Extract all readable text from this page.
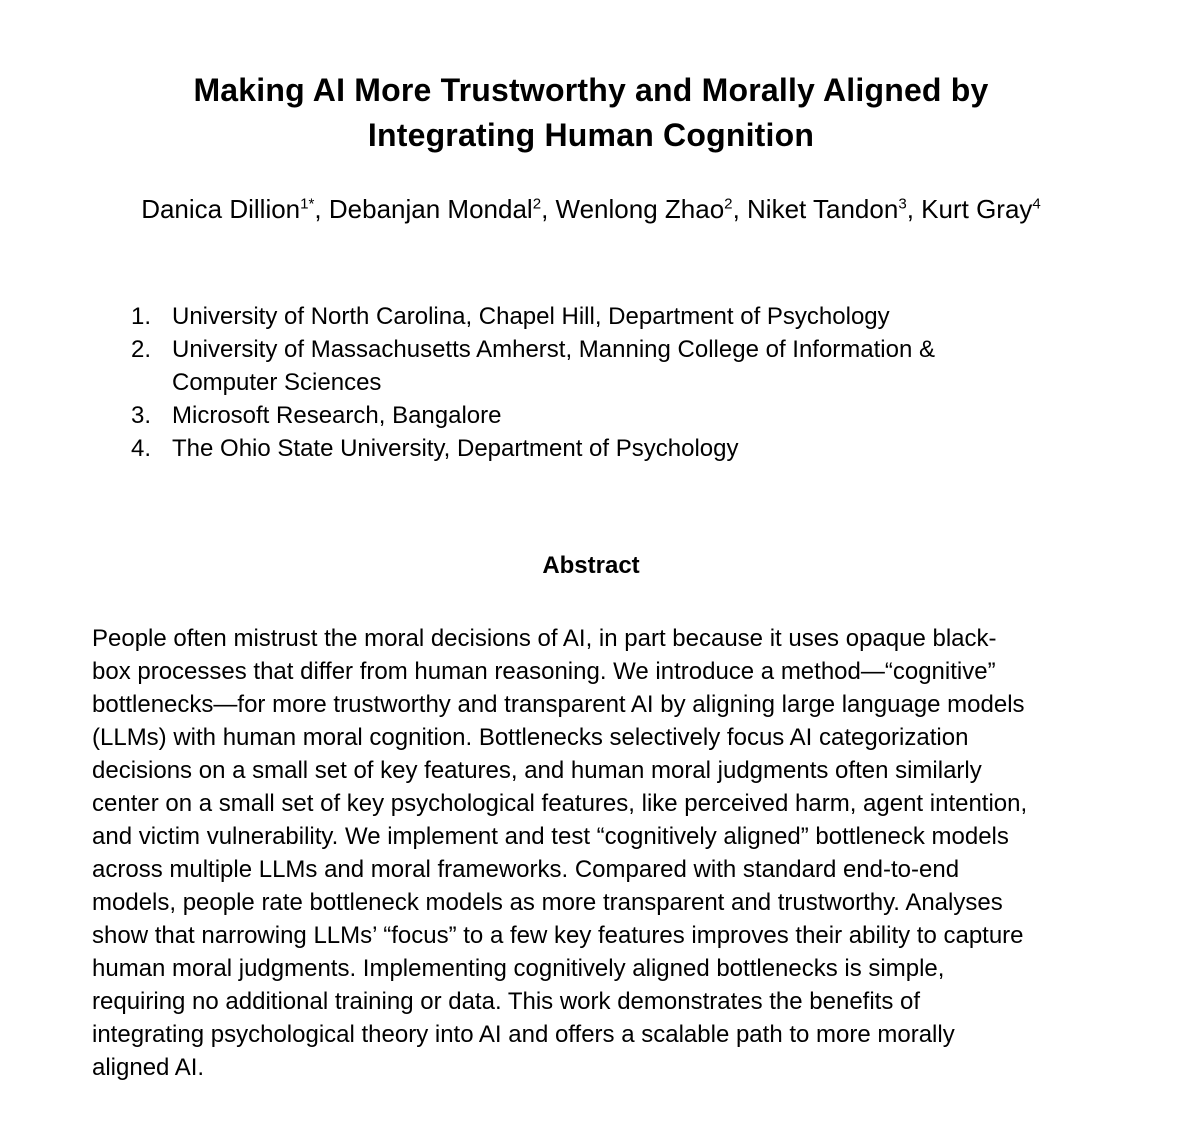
Making AI More Trustworthy and Morally Aligned by
Integrating Human Cognition
Danica Dillion$^{1*}$, Debanjan Mondal$^2$, Wenlong Zhao$^2$, Niket Tandon$^3$, Kurt Gray$^4$
1. University of North Carolina, Chapel Hill, Department of Psychology
2. University of Massachusetts Amherst, Manning College of Information & Computer Sciences
3. Microsoft Research, Bangalore
4. The Ohio State University, Department of Psychology
Abstract
People often mistrust the moral decisions of AI, in part because it uses opaque black-
box processes that differ from human reasoning. We introduce a method—“cognitive”
bottlenecks—for more trustworthy and transparent AI by aligning large language models
(LLMs) with human moral cognition. Bottlenecks selectively focus AI categorization
decisions on a small set of key features, and human moral judgments often similarly
center on a small set of key psychological features, like perceived harm, agent intention,
and victim vulnerability. We implement and test “cognitively aligned” bottleneck models
across multiple LLMs and moral frameworks. Compared with standard end-to-end
models, people rate bottleneck models as more transparent and trustworthy. Analyses
show that narrowing LLMs’ “focus” to a few key features improves their ability to capture
human moral judgments. Implementing cognitively aligned bottlenecks is simple,
requiring no additional training or data. This work demonstrates the benefits of
integrating psychological theory into AI and offers a scalable path to more morally
aligned AI.
